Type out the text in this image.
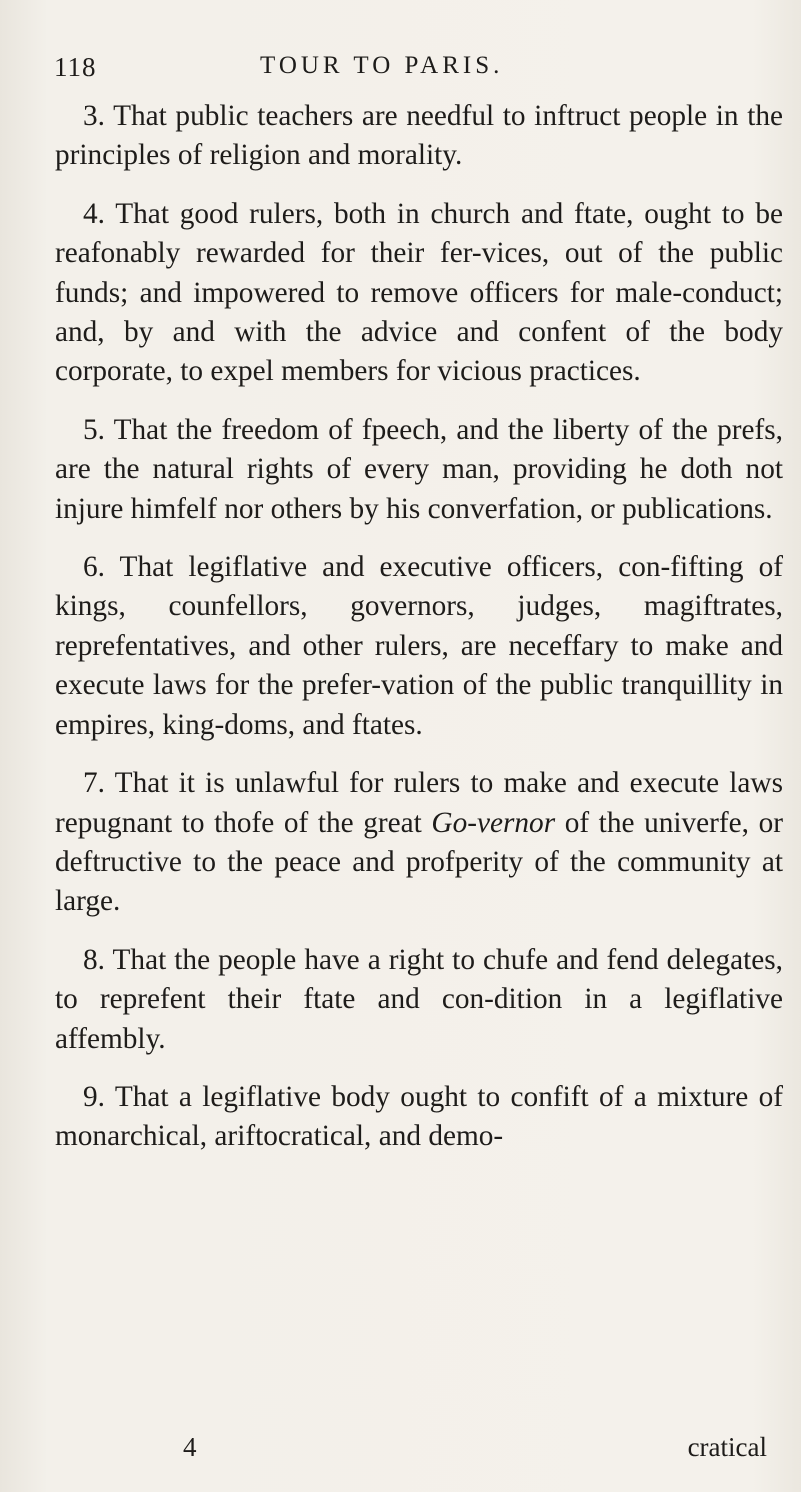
118	TOUR TO PARIS.

3. That public teachers are needful to inftruct people in the principles of religion and morality.

4. That good rulers, both in church and ftate, ought to be reafonably rewarded for their fer-vices, out of the public funds; and impowered to remove officers for male-conduct; and, by and with the advice and confent of the body corporate, to expel members for vicious practices.

5. That the freedom of fpeech, and the liberty of the prefs, are the natural rights of every man, providing he doth not injure himfelf nor others by his converfation, or publications.

6. That legiflative and executive officers, con-fifting of kings, counfellors, governors, judges, magiftrates, reprefentatives, and other rulers, are neceffary to make and execute laws for the prefer-vation of the public tranquillity in empires, king-doms, and ftates.

7. That it is unlawful for rulers to make and execute laws repugnant to thofe of the great Go-vernor of the univerfe, or deftructive to the peace and profperity of the community at large.

8. That the people have a right to chufe and fend delegates, to reprefent their ftate and con-dition in a legiflative affembly.

9. That a legiflative body ought to confift of a mixture of monarchical, ariftocratical, and demo-

4	cratical
